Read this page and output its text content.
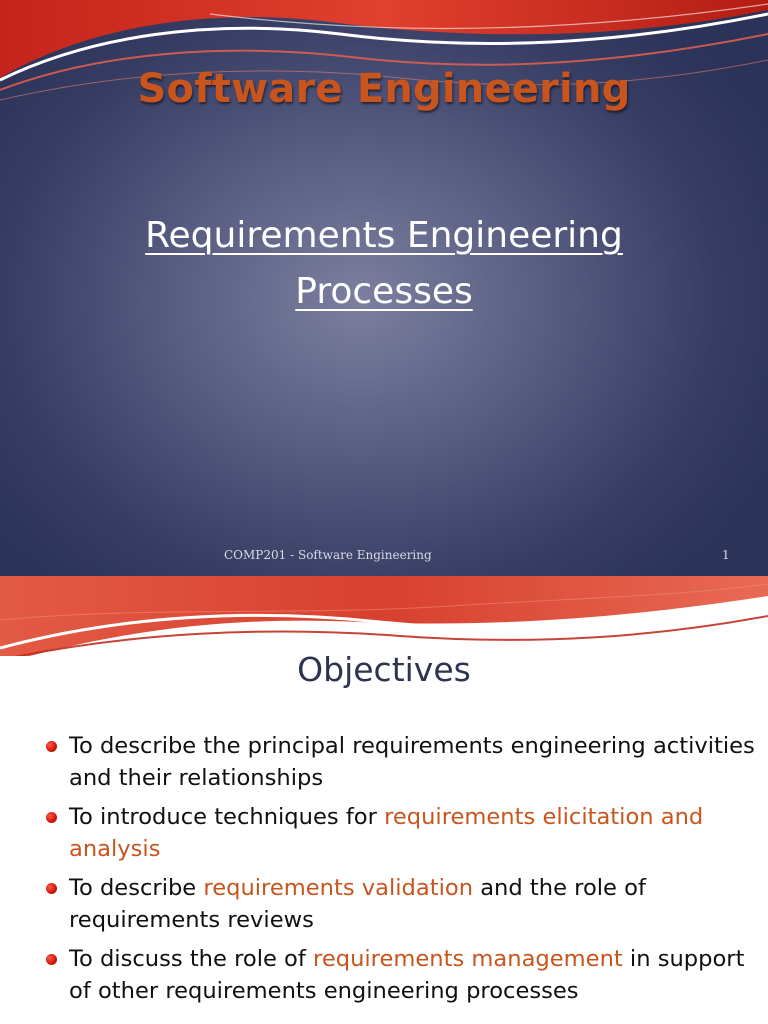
Software Engineering
Requirements Engineering
Processes
COMP201 - Software Engineering	1
Objectives
To describe the principal requirements engineering activities and their relationships
To introduce techniques for requirements elicitation and analysis
To describe requirements validation and the role of requirements reviews
To discuss the role of requirements management in support of other requirements engineering processes
